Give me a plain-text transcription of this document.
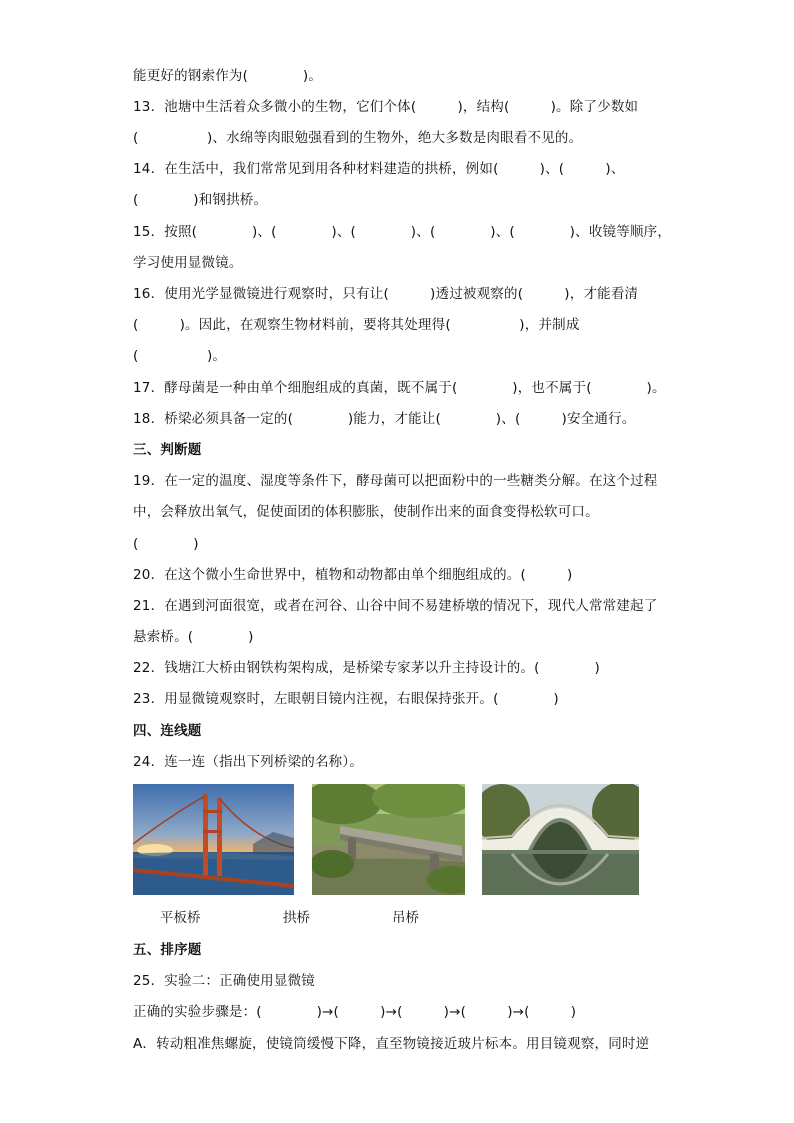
能更好的钢索作为(　　　　)。
13．池塘中生活着众多微小的生物，它们个体(　　　)，结构(　　　)。除了少数如
(　　　　　)、水绵等肉眼勉强看到的生物外，绝大多数是肉眼看不见的。
14．在生活中，我们常常见到用各种材料建造的拱桥，例如(　　　)、(　　　)、
(　　　　)和钢拱桥。
15．按照(　　　　)、(　　　　)、(　　　　)、(　　　　)、(　　　　)、收镜等顺序，
学习使用显微镜。
16．使用光学显微镜进行观察时，只有让(　　　)透过被观察的(　　　)，才能看清
(　　　)。因此，在观察生物材料前，要将其处理得(　　　　　)，并制成
(　　　　　)。
17．酵母菌是一种由单个细胞组成的真菌，既不属于(　　　　)，也不属于(　　　　)。
18．桥梁必须具备一定的(　　　　)能力，才能让(　　　　)、(　　　)安全通行。
三、判断题
19．在一定的温度、湿度等条件下，酵母菌可以把面粉中的一些糖类分解。在这个过程
中，会释放出氧气，促使面团的体积膨胀，使制作出来的面食变得松软可口。
(　　　　)
20．在这个微小生命世界中，植物和动物都由单个细胞组成的。(　　　)
21．在遇到河面很宽，或者在河谷、山谷中间不易建桥墩的情况下，现代人常常建起了
悬索桥。(　　　　)
22．钱塘江大桥由钢铁构架构成，是桥梁专家茅以升主持设计的。(　　　　)
23．用显微镜观察时，左眼朝目镜内注视，右眼保持张开。(　　　　)
四、连线题
24．连一连（指出下列桥梁的名称）。
平板桥	拱桥	吊桥
五、排序题
25．实验二：正确使用显微镜
正确的实验步骤是：(　　　　)→(　　　)→(　　　)→(　　　)→(　　　)
A．转动粗准焦螺旋，使镜筒缓慢下降，直至物镜接近玻片标本。用目镜观察，同时逆
